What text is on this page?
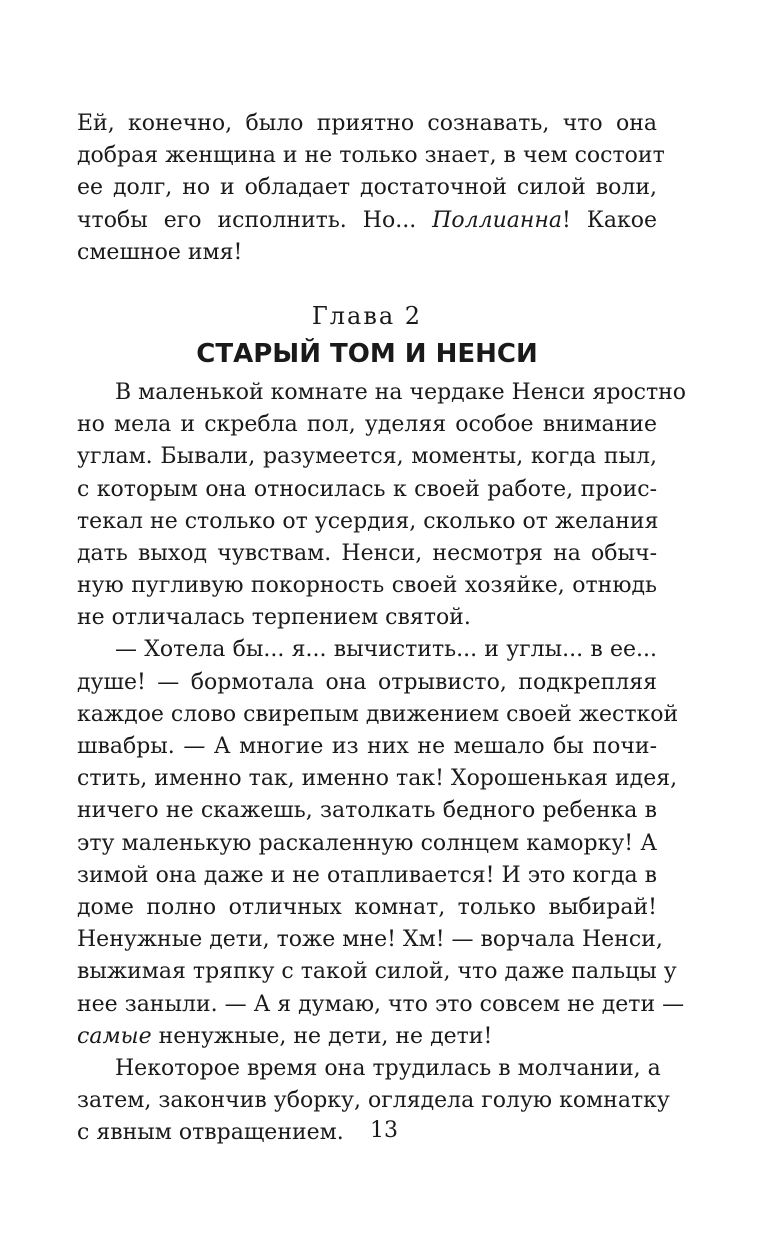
Ей, конечно, было приятно сознавать, что она
добрая женщина и не только знает, в чем состоит
ее долг, но и обладает достаточной силой воли,
чтобы его исполнить. Но... Поллианна! Какое
смешное имя!
Глава 2
СТАРЫЙ ТОМ И НЕНСИ
В маленькой комнате на чердаке Ненси яростно
но мела и скребла пол, уделяя особое внимание
углам. Бывали, разумеется, моменты, когда пыл,
с которым она относилась к своей работе, проис-
текал не столько от усердия, сколько от желания
дать выход чувствам. Ненси, несмотря на обыч-
ную пугливую покорность своей хозяйке, отнюдь
не отличалась терпением святой.
— Хотела бы... я... вычистить... и углы... в ее...
душе! — бормотала она отрывисто, подкрепляя
каждое слово свирепым движением своей жесткой
швабры. — А многие из них не мешало бы почи-
стить, именно так, именно так! Хорошенькая идея,
ничего не скажешь, затолкать бедного ребенка в
эту маленькую раскаленную солнцем каморку! А
зимой она даже и не отапливается! И это когда в
доме полно отличных комнат, только выбирай!
Ненужные дети, тоже мне! Хм! — ворчала Ненси,
выжимая тряпку с такой силой, что даже пальцы у
нее заныли. — А я думаю, что это совсем не дети —
самые ненужные, не дети, не дети!
Некоторое время она трудилась в молчании, а
затем, закончив уборку, оглядела голую комнатку
с явным отвращением.	13
